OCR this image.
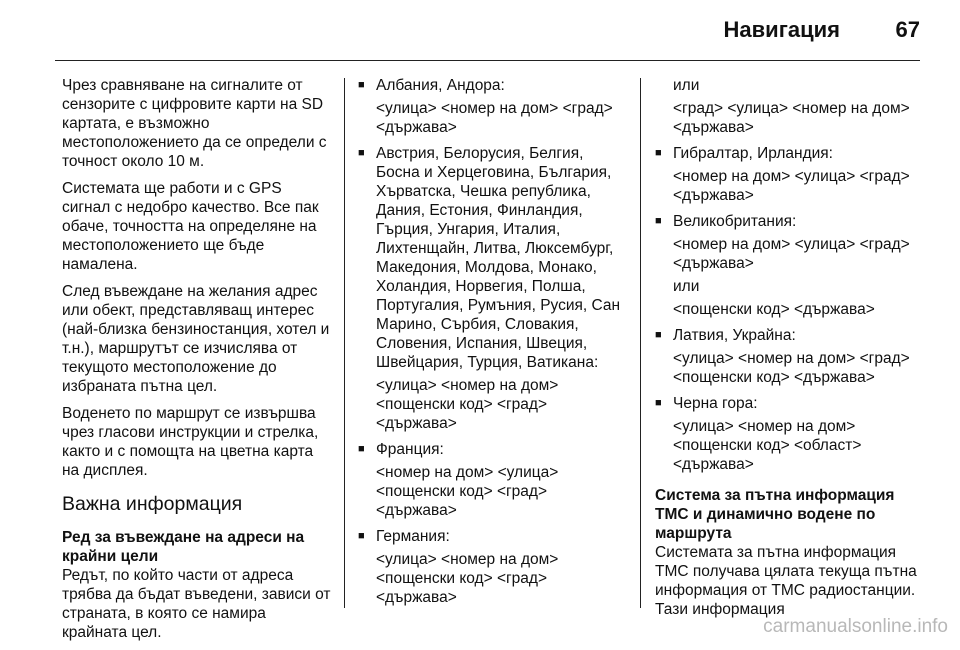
Навигация	67

Чрез сравняване на сигналите от сензорите с цифровите карти на SD картата, е възможно местоположението да се определи с точност около 10 м.

Системата ще работи и с GPS сигнал с недобро качество. Все пак обаче, точността на определяне на местоположението ще бъде намалена.

След въвеждане на желания адрес или обект, представляващ интерес (най-близка бензиностанция, хотел и т.н.), маршрутът се изчислява от текущото местоположение до избраната пътна цел.

Воденето по маршрут се извършва чрез гласови инструкции и стрелка, както и с помощта на цветна карта на дисплея.

Важна информация
Ред за въвеждане на адреси на крайни цели

Редът, по който части от адреса трябва да бъдат въведени, зависи от страната, в която се намира крайната цел.

■ Албания, Андора:
<улица> <номер на дом> <град> <държава>
■ Австрия, Белорусия, Белгия, Босна и Херцеговина, България, Хърватска, Чешка република, Дания, Естония, Финландия, Гърция, Унгария, Италия, Лихтенщайн, Литва, Люксембург, Македония, Молдова, Монако, Холандия, Норвегия, Полша, Португалия, Румъния, Русия, Сан Марино, Сърбия, Словакия, Словения, Испания, Швеция, Швейцария, Турция, Ватикана:
<улица> <номер на дом> <пощенски код> <град> <държава>
■ Франция:
<номер на дом> <улица> <пощенски код> <град> <държава>
■ Германия:
<улица> <номер на дом> <пощенски код> <град> <държава>
или
<град> <улица> <номер на дом> <държава>
■ Гибралтар, Ирландия:
<номер на дом> <улица> <град> <държава>
■ Великобритания:
<номер на дом> <улица> <град> <държава>
или
<пощенски код> <държава>
■ Латвия, Украйна:
<улица> <номер на дом> <град> <пощенски код> <държава>
■ Черна гора:
<улица> <номер на дом> <пощенски код> <област> <държава>
Система за пътна информация TMC и динамично водене по маршрута

Системата за пътна информация TMC получава цялата текуща пътна информация от TMC радиостанции. Тази информация

carmanualsonline.info
